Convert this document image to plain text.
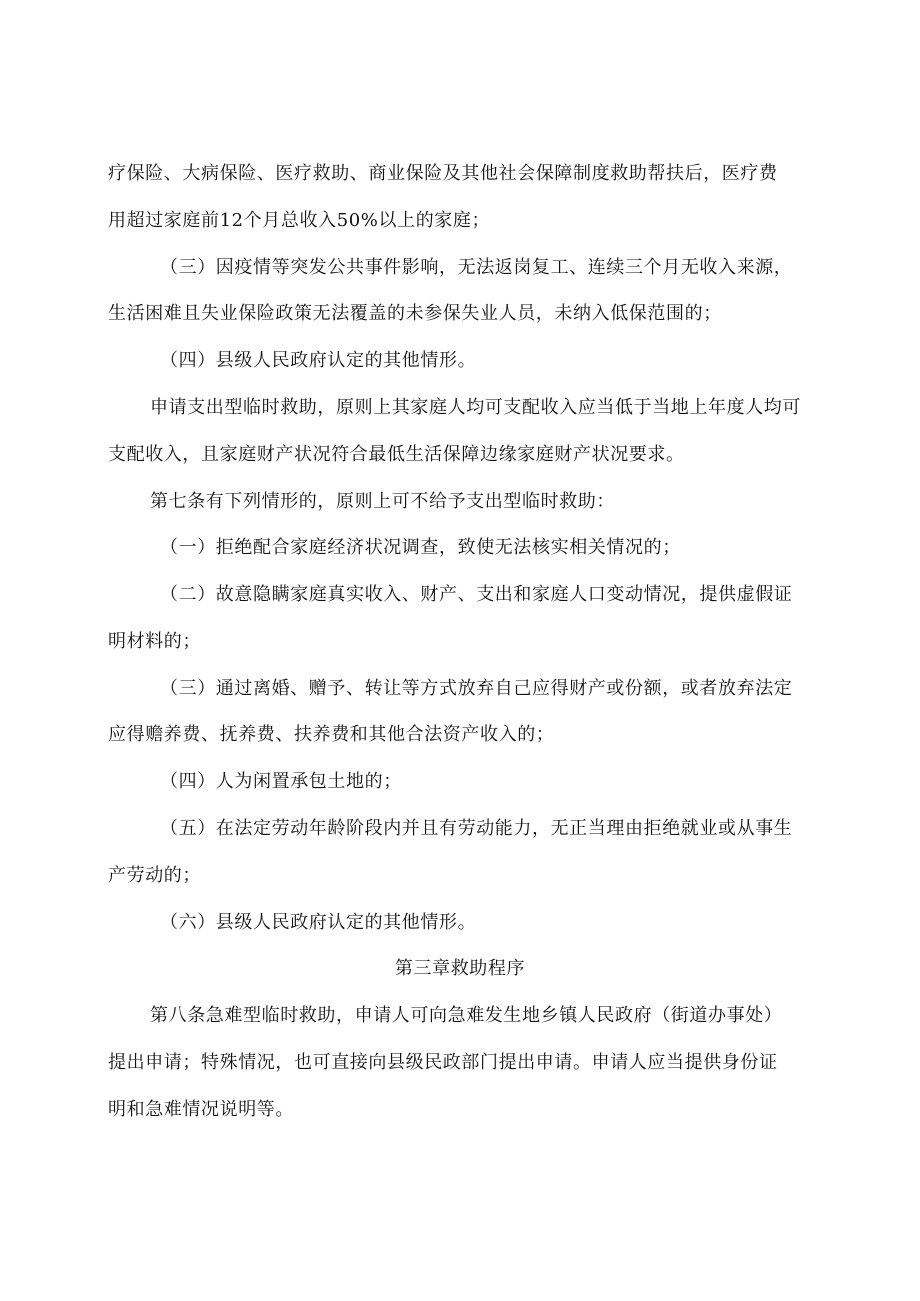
疗保险、大病保险、医疗救助、商业保险及其他社会保障制度救助帮扶后，医疗费
用超过家庭前12个月总收入50%以上的家庭；
（三）因疫情等突发公共事件影响，无法返岗复工、连续三个月无收入来源，
生活困难且失业保险政策无法覆盖的未参保失业人员，未纳入低保范围的；
（四）县级人民政府认定的其他情形。
申请支出型临时救助，原则上其家庭人均可支配收入应当低于当地上年度人均可
支配收入，且家庭财产状况符合最低生活保障边缘家庭财产状况要求。
第七条有下列情形的，原则上可不给予支出型临时救助：
（一）拒绝配合家庭经济状况调查，致使无法核实相关情况的；
（二）故意隐瞒家庭真实收入、财产、支出和家庭人口变动情况，提供虚假证
明材料的；
（三）通过离婚、赠予、转让等方式放弃自己应得财产或份额，或者放弃法定
应得赡养费、抚养费、扶养费和其他合法资产收入的；
（四）人为闲置承包土地的；
（五）在法定劳动年龄阶段内并且有劳动能力，无正当理由拒绝就业或从事生
产劳动的；
（六）县级人民政府认定的其他情形。
第三章救助程序
第八条急难型临时救助，申请人可向急难发生地乡镇人民政府（街道办事处）
提出申请；特殊情况，也可直接向县级民政部门提出申请。申请人应当提供身份证
明和急难情况说明等。
